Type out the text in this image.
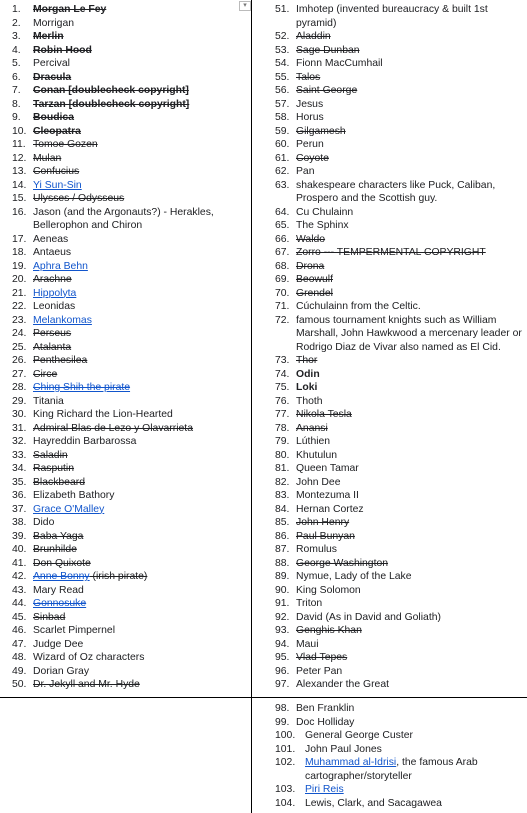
▾
1.	Morgan Le Fey
2.	Morrigan
3.	Merlin
4.	Robin Hood
5.	Percival
6.	Dracula
7.	Conan [doublecheck copyright]
8.	Tarzan [doublecheck copyright]
9.	Boudica
10. Cleopatra
11. Tomoe Gozen
12. Mulan
13. Confucius
14. Yi Sun-Sin
15. Ulysses / Odysseus
16. Jason (and the Argonauts?) - Herakles, Bellerophon and Chiron
17. Aeneas
18. Antaeus
19. Aphra Behn
20. Arachne
21. Hippolyta
22. Leonidas
23. Melankomas
24. Perseus
25. Atalanta
26. Penthesilea
27. Circe
28. Ching Shih the pirate
29. Titania
30. King Richard the Lion-Hearted
31. Admiral Blas de Lezo y Olavarrieta
32. Hayreddin Barbarossa
33. Saladin
34. Rasputin
35. Blackbeard
36. Elizabeth Bathory
37. Grace O'Malley
38. Dido
39. Baba Yaga
40. Brunhilde
41. Don Quixote
42. Anne Bonny (irish pirate)
43. Mary Read
44. Gonnosuke
45. Sinbad
46. Scarlet Pimpernel
47. Judge Dee
48. Wizard of Oz characters
49. Dorian Gray
50. Dr. Jekyll and Mr. Hyde
51. Imhotep (invented bureaucracy & built 1st pyramid)
52. Aladdin
53. Sage Dunban
54. Fionn MacCumhail
55. Talos
56. Saint George
57. Jesus
58. Horus
59. Gilgamesh
60. Perun
61. Coyote
62. Pan
63. shakespeare characters like Puck, Caliban, Prospero and the Scottish guy.
64. Cu Chulainn
65. The Sphinx
66. Waldo
67. Zorro --- TEMPERMENTAL COPYRIGHT
68. Drona
69. Beowulf
70. Grendel
71. Cúchulainn from the Celtic.
72. famous tournament knights such as William Marshall, John Hawkwood a mercenary leader or Rodrigo Diaz de Vivar also named as El Cid.
73. Thor
74. Odin
75. Loki
76. Thoth
77. Nikola Tesla
78. Anansi
79. Lúthien
80. Khutulun
81. Queen Tamar
82. John Dee
83. Montezuma II
84. Hernan Cortez
85. John Henry
86. Paul Bunyan
87. Romulus
88. George Washington
89. Nymue, Lady of the Lake
90. King Solomon
91. Triton
92. David (As in David and Goliath)
93. Genghis Khan
94. Maui
95. Vlad Tepes
96. Peter Pan
97. Alexander the Great
98. Ben Franklin
99. Doc Holliday
100. General George Custer
101. John Paul Jones
102. Muhammad al-Idrisi, the famous Arab cartographer/storyteller
103. Piri Reis
104. Lewis, Clark, and Sacagawea
